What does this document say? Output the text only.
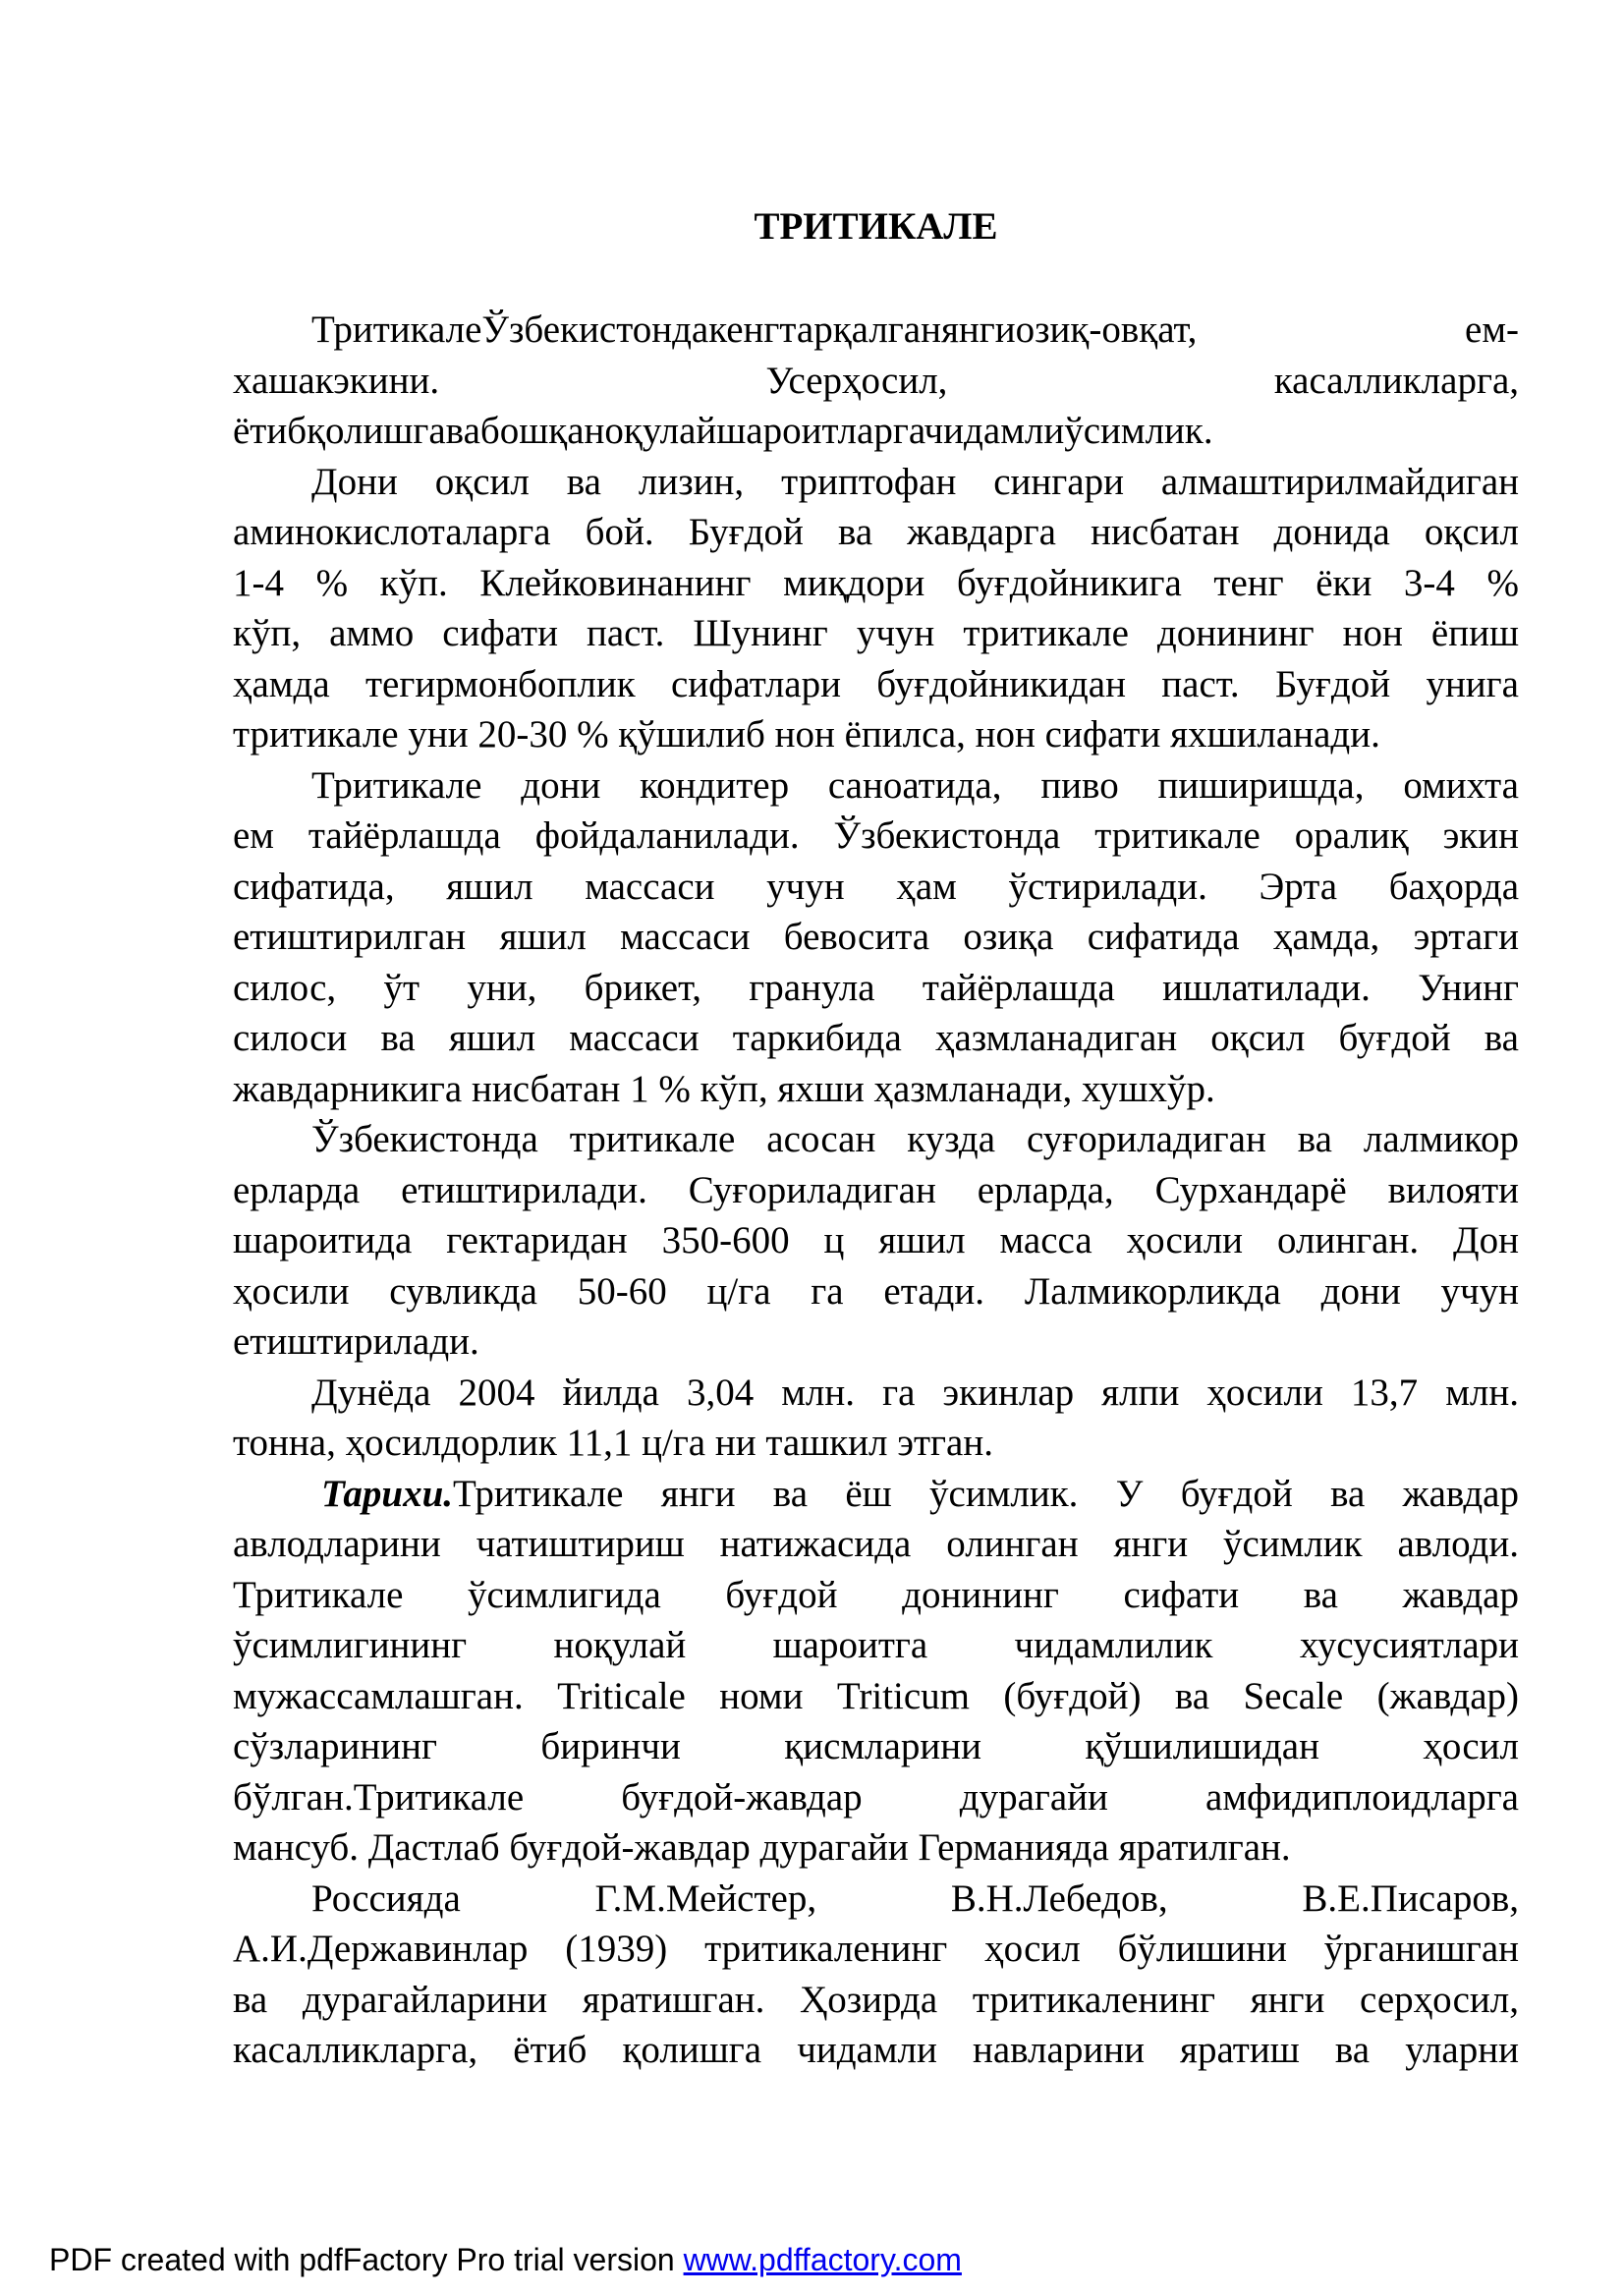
ТРИТИКАЛЕ

ТритикалеЎзбекистондакенгтарқалганянгиозиқ-овқат, ем-
хашакэкини. Усерҳосил, касалликларга,
ётибқолишгавабошқаноқулайшароитларгачидамлиўсимлик.

Дони оқсил ва лизин, триптофан сингари алмаштирилмайдиган
аминокислоталарга бой. Буғдой ва жавдарга нисбатан донида оқсил
1-4 % кўп. Клейковинанинг миқдори буғдойникига тенг ёки 3-4 %
кўп, аммо сифати паст. Шунинг учун тритикале донининг нон ёпиш
ҳамда тегирмонбоплик сифатлари буғдойникидан паст. Буғдой унига
тритикале уни 20-30 % қўшилиб нон ёпилса, нон сифати яхшиланади.

Тритикале дони кондитер саноатида, пиво пиширишда, омихта
ем тайёрлашда фойдаланилади. Ўзбекистонда тритикале оралиқ экин
сифатида, яшил массаси учун ҳам ўстирилади. Эрта баҳорда
етиштирилган яшил массаси бевосита озиқа сифатида ҳамда, эртаги
силос, ўт уни, брикет, гранула тайёрлашда ишлатилади. Унинг
силоси ва яшил массаси таркибида ҳазмланадиган оқсил буғдой ва
жавдарникига нисбатан 1 % кўп, яхши ҳазмланади, хушхўр.

Ўзбекистонда тритикале асосан кузда суғориладиган ва лалмикор
ерларда етиштирилади. Суғориладиган ерларда, Сурхандарё вилояти
шароитида гектаридан 350-600 ц яшил масса ҳосили олинган. Дон
ҳосили сувликда 50-60 ц/га га етади. Лалмикорликда дони учун
етиштирилади.

Дунёда 2004 йилда 3,04 млн. га экинлар ялпи ҳосили 13,7 млн.
тонна, ҳосилдорлик 11,1 ц/га ни ташкил этган.

Тарихи.Тритикале янги ва ёш ўсимлик. У буғдой ва жавдар
авлодларини чатиштириш натижасида олинган янги ўсимлик авлоди.
Тритикале ўсимлигида буғдой донининг сифати ва жавдар
ўсимлигининг ноқулай шароитга чидамлилик хусусиятлари
мужассамлашган. Triticale номи Triticum (буғдой) ва Secale (жавдар)
сўзларининг биринчи қисмларини қўшилишидан ҳосил
бўлган.Тритикале буғдой-жавдар дурагайи амфидиплоидларга
мансуб. Дастлаб буғдой-жавдар дурагайи Германияда яратилган.

Россияда Г.М.Мейстер, В.Н.Лебедов, В.Е.Писаров,
А.И.Державинлар (1939) тритикаленинг ҳосил бўлишини ўрганишган
ва дурагайларини яратишган. Ҳозирда тритикаленинг янги серҳосил,
касалликларга, ётиб қолишга чидамли навларини яратиш ва уларни

PDF created with pdfFactory Pro trial version www.pdffactory.com
